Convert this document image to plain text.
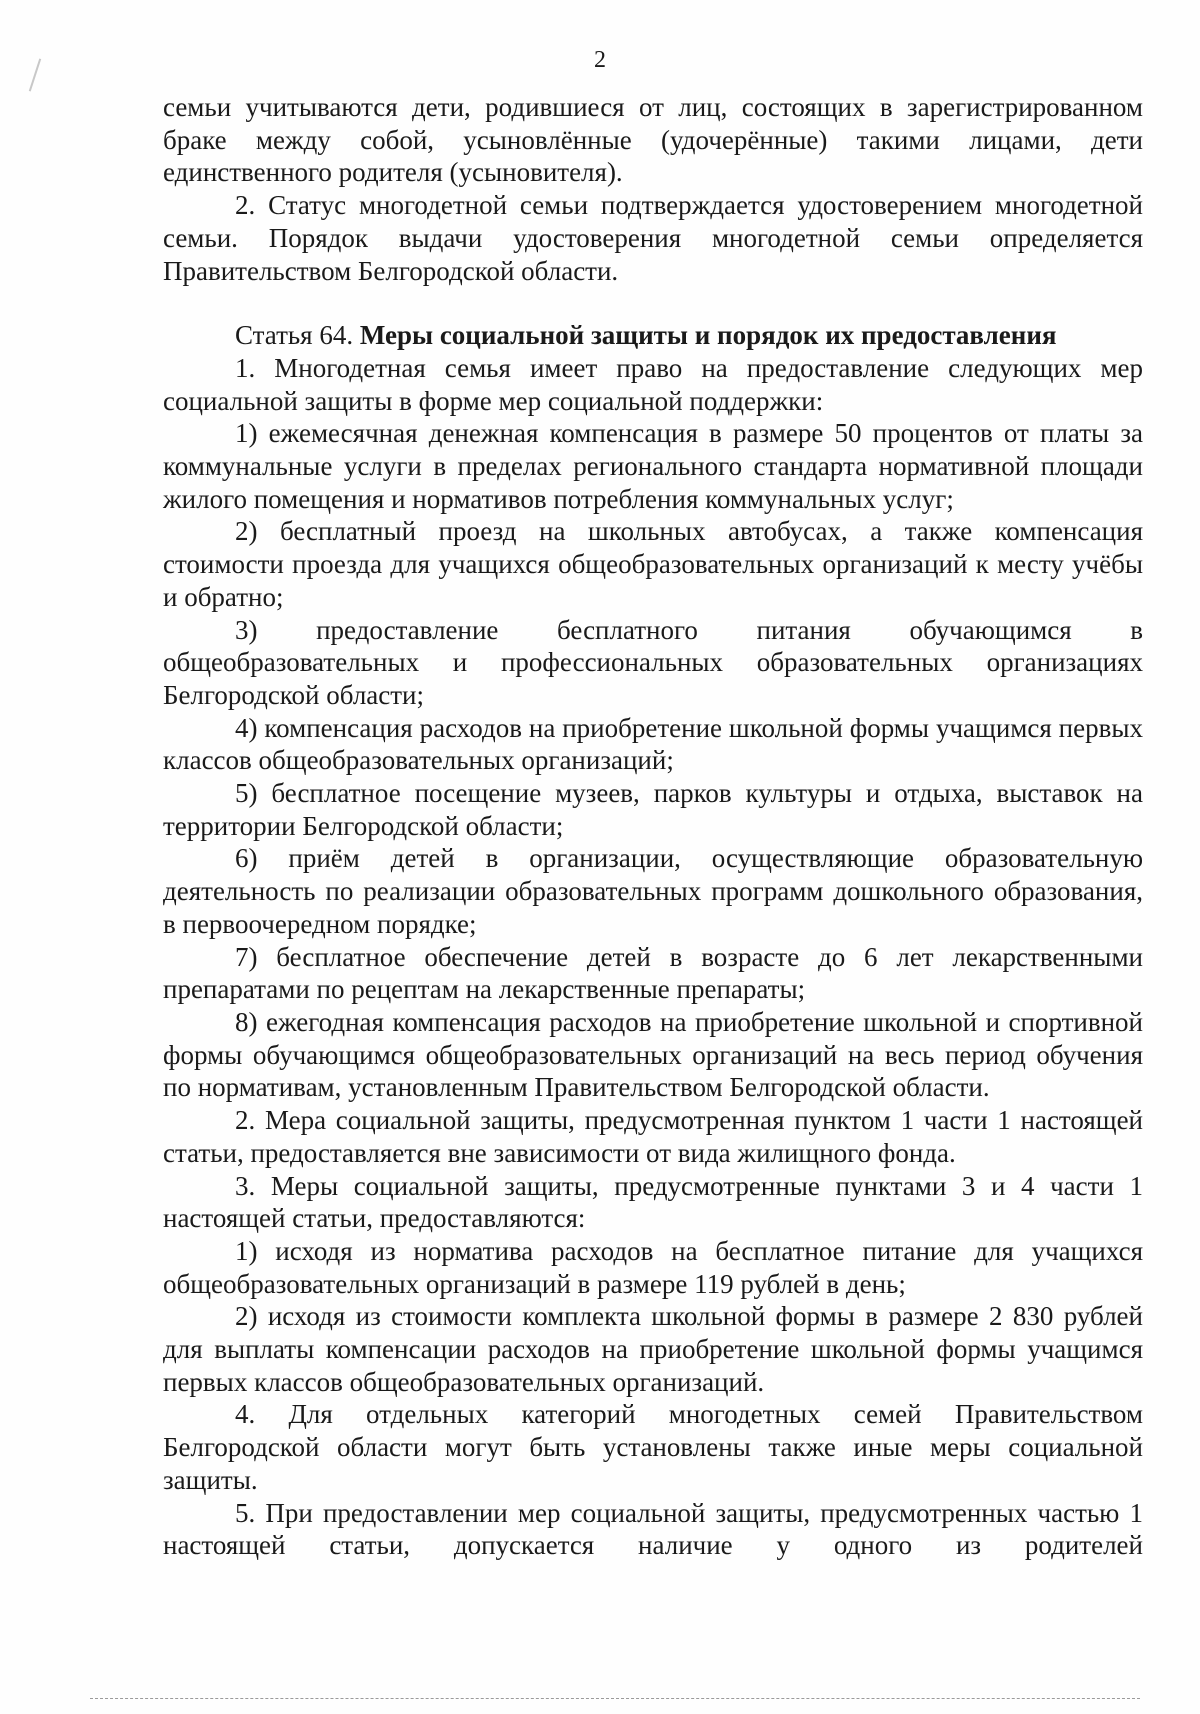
2

семьи учитываются дети, родившиеся от лиц, состоящих в зарегистрированном браке между собой, усыновлённые (удочерённые) такими лицами, дети единственного родителя (усыновителя).

2. Статус многодетной семьи подтверждается удостоверением многодетной семьи. Порядок выдачи удостоверения многодетной семьи определяется Правительством Белгородской области.

Статья 64. Меры социальной защиты и порядок их предоставления

1. Многодетная семья имеет право на предоставление следующих мер социальной защиты в форме мер социальной поддержки:

1) ежемесячная денежная компенсация в размере 50 процентов от платы за коммунальные услуги в пределах регионального стандарта нормативной площади жилого помещения и нормативов потребления коммунальных услуг;

2) бесплатный проезд на школьных автобусах, а также компенсация стоимости проезда для учащихся общеобразовательных организаций к месту учёбы и обратно;

3) предоставление бесплатного питания обучающимся в общеобразовательных и профессиональных образовательных организациях Белгородской области;

4) компенсация расходов на приобретение школьной формы учащимся первых классов общеобразовательных организаций;

5) бесплатное посещение музеев, парков культуры и отдыха, выставок на территории Белгородской области;

6) приём детей в организации, осуществляющие образовательную деятельность по реализации образовательных программ дошкольного образования, в первоочередном порядке;

7) бесплатное обеспечение детей в возрасте до 6 лет лекарственными препаратами по рецептам на лекарственные препараты;

8) ежегодная компенсация расходов на приобретение школьной и спортивной формы обучающимся общеобразовательных организаций на весь период обучения по нормативам, установленным Правительством Белгородской области.

2. Мера социальной защиты, предусмотренная пунктом 1 части 1 настоящей статьи, предоставляется вне зависимости от вида жилищного фонда.

3. Меры социальной защиты, предусмотренные пунктами 3 и 4 части 1 настоящей статьи, предоставляются:

1) исходя из норматива расходов на бесплатное питание для учащихся общеобразовательных организаций в размере 119 рублей в день;

2) исходя из стоимости комплекта школьной формы в размере 2 830 рублей для выплаты компенсации расходов на приобретение школьной формы учащимся первых классов общеобразовательных организаций.

4. Для отдельных категорий многодетных семей Правительством Белгородской области могут быть установлены также иные меры социальной защиты.

5. При предоставлении мер социальной защиты, предусмотренных частью 1 настоящей статьи, допускается наличие у одного из родителей
